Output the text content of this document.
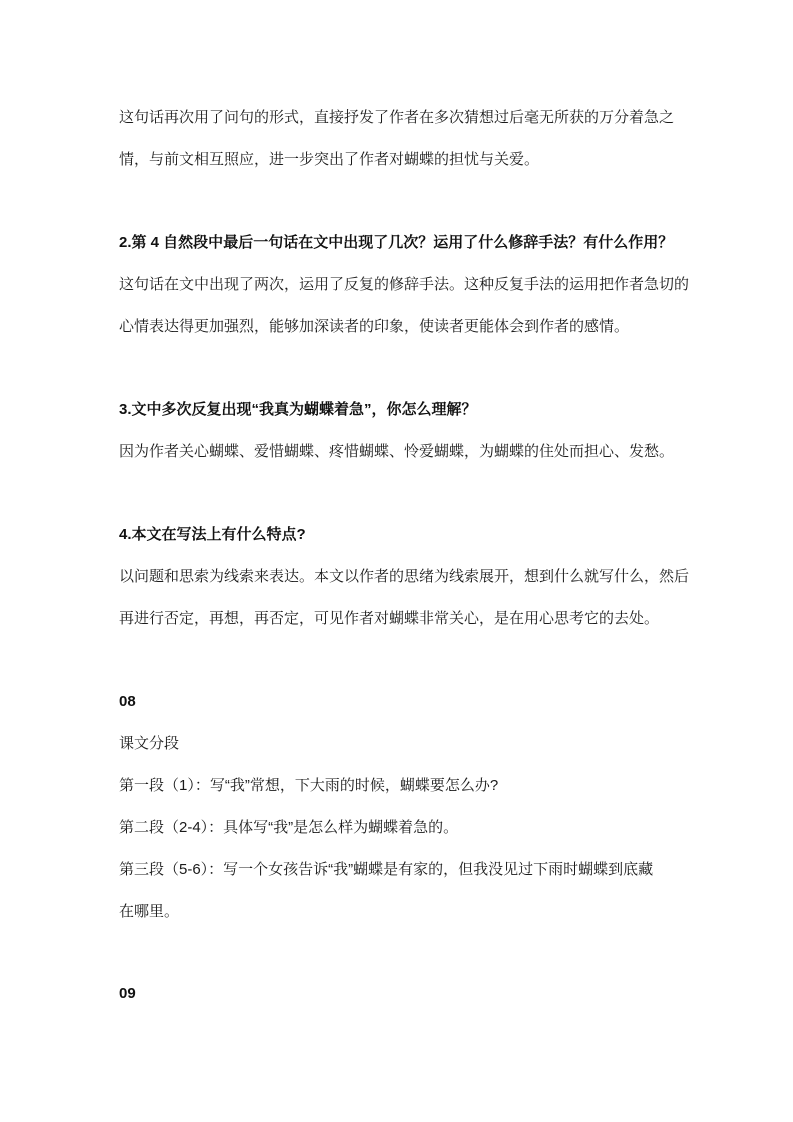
这句话再次用了问句的形式，直接抒发了作者在多次猜想过后毫无所获的万分着急之
情，与前文相互照应，进一步突出了作者对蝴蝶的担忧与关爱。
2.第 4 自然段中最后一句话在文中出现了几次？运用了什么修辞手法？有什么作用？
这句话在文中出现了两次，运用了反复的修辞手法。这种反复手法的运用把作者急切的
心情表达得更加强烈，能够加深读者的印象，使读者更能体会到作者的感情。
3.文中多次反复出现“我真为蝴蝶着急”，你怎么理解？
因为作者关心蝴蝶、爱惜蝴蝶、疼惜蝴蝶、怜爱蝴蝶，为蝴蝶的住处而担心、发愁。
4.本文在写法上有什么特点?
以问题和思索为线索来表达。本文以作者的思绪为线索展开，想到什么就写什么，然后
再进行否定，再想，再否定，可见作者对蝴蝶非常关心，是在用心思考它的去处。
08
课文分段
第一段（1）：写“我”常想，下大雨的时候，蝴蝶要怎么办?
第二段（2-4）：具体写“我”是怎么样为蝴蝶着急的。
第三段（5-6）：写一个女孩告诉“我”蝴蝶是有家的，但我没见过下雨时蝴蝶到底藏
在哪里。
09
